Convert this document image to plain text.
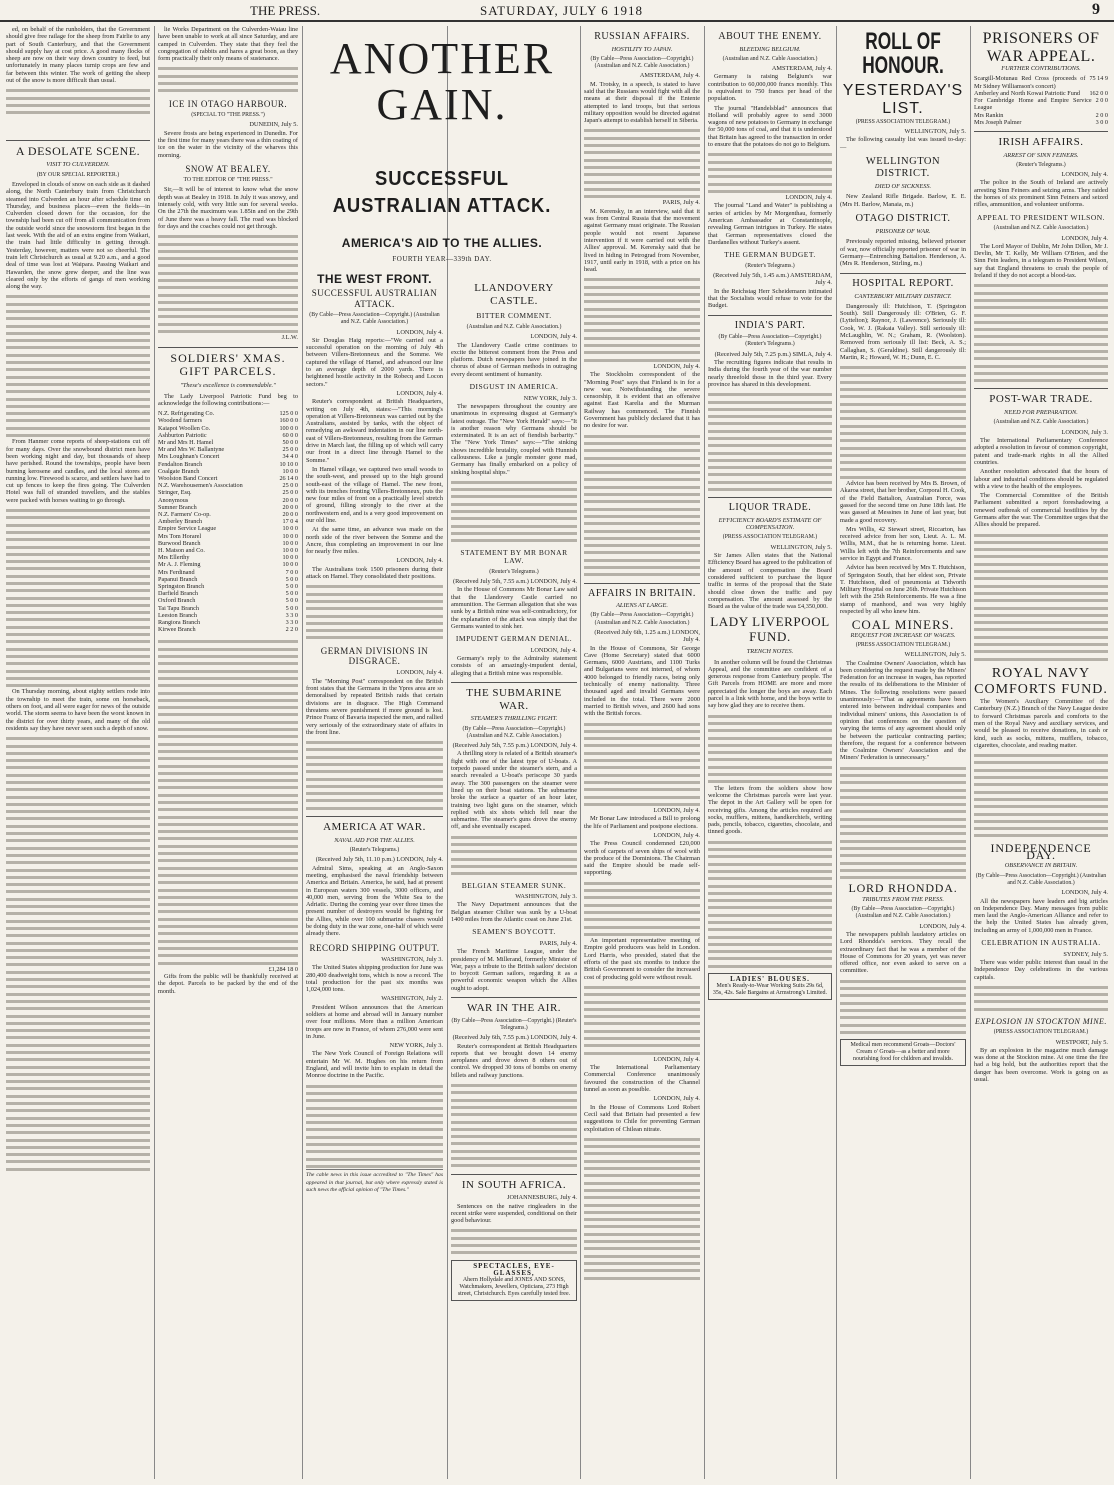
THE PRESS.	SATURDAY, JULY 6 1918	9

ed, on behalf of the runholders, that the Government should give free railage for the sheep from Fairlie to any part of South Canterbury, and that the Government should supply hay at cost price. A good many flocks of sheep are now on their way down country to feed, but unfortunately in many places turnip crops are few and far between this winter. The work of getting the sheep out of the snow is more difficult than usual.

A DESOLATE SCENE.
VISIT TO CULVERDEN.
(BY OUR SPECIAL REPORTER.)

Enveloped in clouds of snow on each side as it dashed along, the North Canterbury train from Christchurch steamed into Culverden an hour after schedule time on Thursday, and business places—even the fields—in Culverden closed down for the occasion, for the township had been cut off from all communication from the outside world since the snowstorm first began in the last week. With the aid of an extra engine from Waikari, the train had little difficulty in getting through. Yesterday, however, matters were not so cheerful. The train left Christchurch as usual at 9.20 a.m., and a good deal of time was lost at Waipara. Passing Waikari and Hawarden, the snow grew deeper, and the line was cleared only by the efforts of gangs of men working along the way.

From Hanmer come reports of sheep-stations cut off for many days. Over the snowbound district men have been working night and day, but thousands of sheep have perished. Round the townships, people have been burning kerosene and candles, and the local stores are running low. Firewood is scarce, and settlers have had to cut up fences to keep the fires going. The Culverden Hotel was full of stranded travellers, and the stables were packed with horses waiting to go through.

On Thursday morning, about eighty settlers rode into the township to meet the train, some on horseback, others on foot, and all were eager for news of the outside world. The storm seems to have been the worst known in the district for over thirty years, and many of the old residents say they have never seen such a depth of snow.

lie Works Department on the Culverden-Waiau line have been unable to work at all since Saturday, and are camped in Culverden. They state that they feel the congregation of rabbits and hares a great boon, as they form practically their only means of sustenance.

ICE IN OTAGO HARBOUR.
(SPECIAL TO "THE PRESS.")
DUNEDIN, July 5.

Severe frosts are being experienced in Dunedin. For the first time for many years there was a thin coating of ice on the water in the vicinity of the wharves this morning.

SNOW AT BEALEY.
TO THE EDITOR OF "THE PRESS."

Sir,—It will be of interest to know what the snow depth was at Bealey in 1918. In July it was snowy, and intensely cold, with very little sun for several weeks. On the 27th the maximum was 1.85in and on the 29th of June there was a heavy fall. The road was blocked for days and the coaches could not get through.

J.L.W.
SOLDIERS' XMAS. GIFT PARCELS.
"These's excellence is commendable."

The Lady Liverpool Patriotic Fund beg to acknowledge the following contributions:—

N.Z. Refrigerating Co.	125 0 0
Woodend farmers	160 0 0
Kaiapoi Woollen Co.	100 0 0
Ashburton Patriotic	60 0 0
Mr and Mrs H. Hamel	50 0 0
Mr and Mrs W. Ballantyne	25 0 0
Mrs Loughnan's Concert	34 4 0
Fendalton Branch	10 10 0
Coalgate Branch	10 0 0
Woolston Band Concert	26 14 0
N.Z. Warehousemen's Association	25 0 0
Stringer, Esq.	25 0 0
Anonymous	20 0 0
Sumner Branch	20 0 0
N.Z. Farmers' Co-op.	20 0 0
Amberley Branch	17 0 4
Empire Service League	10 0 0
Mrs Tom Horarel	10 0 0
Burwood Branch	10 0 0
H. Matson and Co.	10 0 0
Mrs Ellerthy	10 0 0
Mr A. J. Fleming	10 0 0
Mrs Ferdinand	7 0 0
Papanui Branch	5 0 0
Springston Branch	5 0 0
Darfield Branch	5 0 0
Oxford Branch	5 0 0
Tai Tapu Branch	5 0 0
Leeston Branch	3 3 0
Rangiora Branch	3 3 0
Kirwee Branch	2 2 0
£1,284 18 0

Gifts from the public will be thankfully received at the depot. Parcels to be packed by the end of the month.

ANOTHER GAIN.
SUCCESSFUL AUSTRALIAN ATTACK.
AMERICA'S AID TO THE ALLIES.
FOURTH YEAR—339th DAY.
THE WEST FRONT.
SUCCESSFUL AUSTRALIAN ATTACK.
(By Cable—Press Association—Copyright.) (Australian and N.Z. Cable Association.)
LONDON, July 4.

Sir Douglas Haig reports:—"We carried out a successful operation on the morning of July 4th between Villers-Bretonneux and the Somme. We captured the village of Hamel, and advanced our line to an average depth of 2000 yards. There is heightened hostile activity in the Robecq and Locon sectors."

LONDON, July 4.

Reuter's correspondent at British Headquarters, writing on July 4th, states:—"This morning's operation at Villers-Bretonneux was carried out by the Australians, assisted by tanks, with the object of remedying an awkward indentation in our line north-east of Villers-Bretonneux, resulting from the German drive in March last, the filling up of which will carry our front in a direct line through Hamel to the Somme."

In Hamel village, we captured two small woods to the south-west, and pressed up to the high ground south-east of the village of Hamel. The new front, with its trenches fronting Villers-Bretonneux, puts the new four miles of front on a practically level stretch of ground, filling strongly to the river at the northwestern end, and is a very good improvement on our old line.

At the same time, an advance was made on the north side of the river between the Somme and the Ancre, thus completing an improvement in our line for nearly five miles.

LONDON, July 4.

The Australians took 1500 prisoners during their attack on Hamel. They consolidated their positions.

GERMAN DIVISIONS IN DISGRACE.
LONDON, July 4.

The "Morning Post" correspondent on the British front states that the Germans in the Ypres area are so demoralised by repeated British raids that certain divisions are in disgrace. The High Command threatens severe punishment if more ground is lost. Prince Franz of Bavaria inspected the men, and rallied very seriously of the extraordinary state of affairs in the front line.

AMERICA AT WAR.
NAVAL AID FOR THE ALLIES.
(Reuter's Telegrams.)
(Received July 5th, 11.10 p.m.) LONDON, July 4.

Admiral Sims, speaking at an Anglo-Saxon meeting, emphasised the naval friendship between America and Britain. America, he said, had at present in European waters 300 vessels, 3000 officers, and 40,000 men, serving from the White Sea to the Adriatic. During the coming year over three times the present number of destroyers would be fighting for the Allies, while over 100 submarine chasers would be doing duty in the war zone, one-half of which were already there.

RECORD SHIPPING OUTPUT.
WASHINGTON, July 3.

The United States shipping production for June was 280,400 deadweight tons, which is now a record. The total production for the past six months was 1,024,000 tons.

WASHINGTON, July 2.

President Wilson announces that the American soldiers at home and abroad will in January number over four millions. More than a million American troops are now in France, of whom 276,000 were sent in June.

NEW YORK, July 3.

The New York Council of Foreign Relations will entertain Mr W. M. Hughes on his return from England, and will invite him to explain in detail the Monroe doctrine in the Pacific.

The cable news in this issue accredited to "The Times" has appeared in that journal, but only where expressly stated is such news the official opinion of "The Times."

LLANDOVERY CASTLE.
BITTER COMMENT.
(Australian and N.Z. Cable Association.)
LONDON, July 4.

The Llandovery Castle crime continues to excite the bitterest comment from the Press and platform. Dutch newspapers have joined in the chorus of abuse of German methods in outraging every decent sentiment of humanity.

DISGUST IN AMERICA.
NEW YORK, July 3.

The newspapers throughout the country are unanimous in expressing disgust at Germany's latest outrage. The "New York Herald" says:—"It is another reason why Germans should be exterminated. It is an act of fiendish barbarity." The "New York Times" says:—"The sinking shows incredible brutality, coupled with Hunnish callousness. Like a jungle monster gone mad, Germany has finally embarked on a policy of sinking hospital ships."

STATEMENT BY MR BONAR LAW.
(Reuter's Telegrams.)
(Received July 5th, 7.55 a.m.) LONDON, July 4.

In the House of Commons Mr Bonar Law said that the Llandovery Castle carried no ammunition. The German allegation that she was sunk by a British mine was self-contradictory, for the explanation of the attack was simply that the Germans wanted to sink her.

IMPUDENT GERMAN DENIAL.
LONDON, July 4.

Germany's reply to the Admiralty statement consists of an amazingly-impudent denial, alleging that a British mine was responsible.

THE SUBMARINE WAR.
STEAMER'S THRILLING FIGHT.
(By Cable—Press Association—Copyright.) (Australian and N.Z. Cable Association.)
(Received July 5th, 7.55 p.m.) LONDON, July 4.

A thrilling story is related of a British steamer's fight with one of the latest type of U-boats. A torpedo passed under the steamer's stern, and a search revealed a U-boat's periscope 30 yards away. The 300 passengers on the steamer were lined up on their boat stations. The submarine broke the surface a quarter of an hour later, training two light guns on the steamer, which replied with six shots which fell near the submarine. The steamer's guns drove the enemy off, and she eventually escaped.

BELGIAN STEAMER SUNK.
WASHINGTON, July 3.

The Navy Department announces that the Belgian steamer Chilier was sunk by a U-boat 1400 miles from the Atlantic coast on June 21st.

SEAMEN'S BOYCOTT.
PARIS, July 4.

The French Maritime League, under the presidency of M. Millerand, formerly Minister of War, pays a tribute to the British sailors' decision to boycott German sailors, regarding it as a powerful economic weapon which the Allies ought to adopt.

WAR IN THE AIR.
(By Cable—Press Association—Copyright.) (Reuter's Telegrams.)
(Received July 6th, 7.55 p.m.) LONDON, July 4.

Reuter's correspondent at British Headquarters reports that we brought down 14 enemy aeroplanes and drove down 8 others out of control. We dropped 30 tons of bombs on enemy billets and railway junctions.

IN SOUTH AFRICA.
JOHANNESBURG, July 4.

Sentences on the native ringleaders in the recent strike were suspended, conditional on their good behaviour.

SPECTACLES, EYE-GLASSES,
Ahern Hollydale and JONES AND SONS, Watchmakers, Jewellers, Opticians, 273 High street, Christchurch. Eyes carefully tested free.
RUSSIAN AFFAIRS.
HOSTILITY TO JAPAN.
(By Cable—Press Association—Copyright.) (Australian and N.Z. Cable Association.)
AMSTERDAM, July 4.

M. Trotsky, in a speech, is stated to have said that the Russians would fight with all the means at their disposal if the Entente attempted to land troops, but that serious military opposition would be directed against Japan's attempt to establish herself in Siberia.

PARIS, July 4.

M. Kerensky, in an interview, said that it was from Central Russia that the movement against Germany must originate. The Russian people would not resent Japanese intervention if it were carried out with the Allies' approval. M. Kerensky said that he lived in hiding in Petrograd from November, 1917, until early in 1918, with a price on his head.

LONDON, July 4.

The Stockholm correspondent of the "Morning Post" says that Finland is in for a new war. Notwithstanding the severe censorship, it is evident that an offensive against East Karelia and the Murman Railway has commenced. The Finnish Government has publicly declared that it has no desire for war.

AFFAIRS IN BRITAIN.
ALIENS AT LARGE.
(By Cable—Press Association—Copyright.) (Australian and N.Z. Cable Association.)
(Received July 6th, 1.25 a.m.) LONDON, July 4.

In the House of Commons, Sir George Cave (Home Secretary) stated that 6000 Germans, 6000 Austrians, and 1100 Turks and Bulgarians were not interned, of whom 4000 belonged to friendly races, being only technically of enemy nationality. Three thousand aged and invalid Germans were included in the total. There were 2000 married to British wives, and 2600 had sons with the British forces.

LONDON, July 4.

Mr Bonar Law introduced a Bill to prolong the life of Parliament and postpone elections.

LONDON, July 4.

The Press Council condemned £20,000 worth of carpets of seven ships of wool with the produce of the Dominions. The Chairman said the Empire should be made self-supporting.

An important representative meeting of Empire gold producers was held in London. Lord Harris, who presided, stated that the efforts of the past six months to induce the British Government to consider the increased cost of producing gold were without result.

LONDON, July 4.

The International Parliamentary Commercial Conference unanimously favoured the construction of the Channel tunnel as soon as possible.

LONDON, July 4.

In the House of Commons Lord Robert Cecil said that Britain had presented a few suggestions to Chile for preventing German exploitation of Chilean nitrate.

ABOUT THE ENEMY.
BLEEDING BELGIUM.
(Australian and N.Z. Cable Association.)
AMSTERDAM, July 4.

Germany is raising Belgium's war contribution to 60,000,000 francs monthly. This is equivalent to 750 francs per head of the population.

The journal "Handelsblad" announces that Holland will probably agree to send 3000 wagons of new potatoes to Germany in exchange for 50,000 tons of coal, and that it is understood that Britain has agreed to the transaction in order to ensure that the potatoes do not go to Belgium.

LONDON, July 4.

The journal "Land and Water" is publishing a series of articles by Mr Morgenthau, formerly American Ambassador at Constantinople, revealing German intrigues in Turkey. He states that German representatives closed the Dardanelles without Turkey's assent.

THE GERMAN BUDGET.
(Reuter's Telegrams.)
(Received July 5th, 1.45 a.m.) AMSTERDAM, July 4.

In the Reichstag Herr Scheidemann intimated that the Socialists would refuse to vote for the Budget.

INDIA'S PART.
(By Cable—Press Association—Copyright.) (Reuter's Telegrams.)
(Received July 5th, 7.25 p.m.) SIMLA, July 4.

The recruiting figures indicate that results in India during the fourth year of the war number nearly threefold those in the third year. Every province has shared in this development.

LIQUOR TRADE.
EFFICIENCY BOARD'S ESTIMATE OF COMPENSATION.
(PRESS ASSOCIATION TELEGRAM.)
WELLINGTON, July 5.

Sir James Allen states that the National Efficiency Board has agreed to the publication of the amount of compensation the Board considered sufficient to purchase the liquor traffic in terms of the proposal that the State should close down the traffic and pay compensation. The amount assessed by the Board as the value of the trade was £4,350,000.

LADY LIVERPOOL FUND.
TRENCH NOTES.

In another column will be found the Christmas Appeal, and the committee are confident of a generous response from Canterbury people. The Gift Parcels from HOME are more and more appreciated the longer the boys are away. Each parcel is a link with home, and the boys write to say how glad they are to receive them.

The letters from the soldiers show how welcome the Christmas parcels were last year. The depot in the Art Gallery will be open for receiving gifts. Among the articles required are socks, mufflers, mittens, handkerchiefs, writing pads, pencils, tobacco, cigarettes, chocolate, and tinned goods.

LADIES' BLOUSES.
Men's Ready-to-Wear Working Suits 29s 6d, 35s, 42s. Sale Bargains at Armstrong's Limited.
ROLL OF HONOUR.
YESTERDAY'S LIST.
(PRESS ASSOCIATION TELEGRAM.)
WELLINGTON, July 5.

The following casualty list was issued to-day:—

WELLINGTON DISTRICT.
DIED OF SICKNESS.

New Zealand Rifle Brigade. Barlow, E. E. (Mrs H. Barlow, Manaia, m.)

OTAGO DISTRICT.
PRISONER OF WAR.

Previously reported missing, believed prisoner of war, now officially reported prisoner of war in Germany—Entrenching Battalion. Henderson, A. (Mrs R. Henderson, Stirling, m.)

HOSPITAL REPORT.
CANTERBURY MILITARY DISTRICT.

Dangerously ill: Hutchison, T. (Springston South). Still Dangerously ill: O'Brien, G. F. (Lyttelton); Raynor, J. (Lawrence). Seriously ill: Cook, W. J. (Rakaia Valley). Still seriously ill: McLaughlin, W. N.; Graham, R. (Woolston). Removed from seriously ill list: Beck, A. S.; Callaghan, S. (Geraldine). Still dangerously ill: Martin, R.; Howard, W. H.; Dunn, E. C.

Advice has been received by Mrs B. Brown, of Akaroa street, that her brother, Corporal H. Cook, of the Field Battalion, Australian Force, was gassed for the second time on June 18th last. He was gassed at Messines in June of last year, but made a good recovery.

Mrs Willis, 42 Stewart street, Riccarton, has received advice from her son, Lieut. A. L. M. Willis, M.M., that he is returning home. Lieut. Willis left with the 7th Reinforcements and saw service in Egypt and France.

Advice has been received by Mrs T. Hutchison, of Springston South, that her eldest son, Private T. Hutchison, died of pneumonia at Tidworth Military Hospital on June 26th. Private Hutchison left with the 25th Reinforcements. He was a fine stamp of manhood, and was very highly respected by all who knew him.

COAL MINERS.
REQUEST FOR INCREASE OF WAGES.
(PRESS ASSOCIATION TELEGRAM.)
WELLINGTON, July 5.

The Coalmine Owners' Association, which has been considering the request made by the Miners' Federation for an increase in wages, has reported the results of its deliberations to the Minister of Mines. The following resolutions were passed unanimously:—"That as agreements have been entered into between individual companies and individual miners' unions, this Association is of opinion that conferences on the question of varying the terms of any agreement should only be between the particular contracting parties; therefore, the request for a conference between the Coalmine Owners' Association and the Miners' Federation is unnecessary."

LORD RHONDDA.
TRIBUTES FROM THE PRESS.
(By Cable—Press Association—Copyright.) (Australian and N.Z. Cable Association.)
LONDON, July 4.

The newspapers publish laudatory articles on Lord Rhondda's services. They recall the extraordinary fact that he was a member of the House of Commons for 20 years, yet was never offered office, nor even asked to serve on a committee.

Medical men recommend Groats—Doctors' Cream o' Groats—as a better and more nourishing food for children and invalids.
PRISONERS OF WAR APPEAL.
FURTHER CONTRIBUTIONS.
Scargill-Motunau Red Cross (proceeds of Mr Sidney Williamson's concert)
75 14 9
Amberley and North Kowai Patriotic Fund	162 0 0
For Cambridge Home and Empire Service League
2 0 0
Mrs Rankin	2 0 0
Mrs Joseph Palmer	3 0 0
IRISH AFFAIRS.
ARREST OF SINN FEINERS.
(Reuter's Telegrams.)
LONDON, July 4.

The police in the South of Ireland are actively arresting Sinn Feiners and seizing arms. They raided the homes of six prominent Sinn Feiners and seized rifles, ammunition, and volunteer uniforms.

APPEAL TO PRESIDENT WILSON.
(Australian and N.Z. Cable Association.)
LONDON, July 4.

The Lord Mayor of Dublin, Mr John Dillon, Mr J. Devlin, Mr T. Kelly, Mr William O'Brien, and the Sinn Fein leaders, in a telegram to President Wilson, say that England threatens to crush the people of Ireland if they do not accept a blood-tax.

POST-WAR TRADE.
NEED FOR PREPARATION.
(Australian and N.Z. Cable Association.)
LONDON, July 3.

The International Parliamentary Conference adopted a resolution in favour of common copyright, patent and trade-mark rights in all the Allied countries.

Another resolution advocated that the hours of labour and industrial conditions should be regulated with a view to the health of the employees.

The Commercial Committee of the British Parliament submitted a report foreshadowing a renewed outbreak of commercial hostilities by the Germans after the war. The Committee urges that the Allies should be prepared.

ROYAL NAVY COMFORTS FUND.

The Women's Auxiliary Committee of the Canterbury (N.Z.) Branch of the Navy League desire to forward Christmas parcels and comforts to the men of the Royal Navy and auxiliary services, and would be pleased to receive donations, in cash or kind, such as socks, mittens, mufflers, tobacco, cigarettes, chocolate, and reading matter.

INDEPENDENCE DAY.
OBSERVANCE IN BRITAIN.
(By Cable—Press Association—Copyright.) (Australian and N.Z. Cable Association.)
LONDON, July 4.

All the newspapers have leaders and big articles on Independence Day. Many messages from public men laud the Anglo-American Alliance and refer to the help the United States has already given, including an army of 1,000,000 men in France.

CELEBRATION IN AUSTRALIA.
SYDNEY, July 5.

There was wider public interest than usual in the Independence Day celebrations in the various capitals.

EXPLOSION IN STOCKTON MINE.
(PRESS ASSOCIATION TELEGRAM.)
WESTPORT, July 5.

By an explosion in the magazine much damage was done at the Stockton mine. At one time the fire had a big hold, but the authorities report that the danger has been overcome. Work is going on as usual.
